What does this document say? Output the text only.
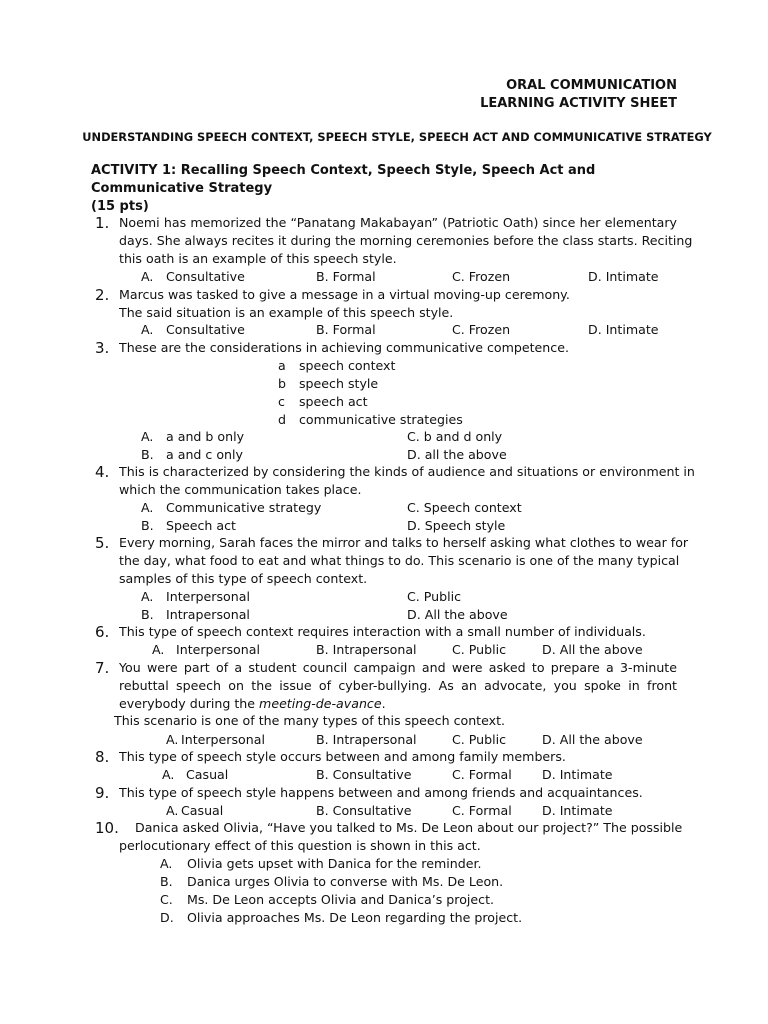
ORAL COMMUNICATION
LEARNING ACTIVITY SHEET
UNDERSTANDING SPEECH CONTEXT, SPEECH STYLE, SPEECH ACT AND COMMUNICATIVE STRATEGY
ACTIVITY 1: Recalling Speech Context, Speech Style, Speech Act and Communicative Strategy
(15 pts)
1. Noemi has memorized the “Panatang Makabayan” (Patriotic Oath) since her elementary
days. She always recites it during the morning ceremonies before the class starts. Reciting
this oath is an example of this speech style.
A. Consultative	B. Formal	C. Frozen	D. Intimate
2. Marcus was tasked to give a message in a virtual moving-up ceremony.
The said situation is an example of this speech style.
A. Consultative	B. Formal	C. Frozen	D. Intimate
3. These are the considerations in achieving communicative competence.
a speech context
b speech style
c speech act
d communicative strategies
A. a and b only	C. b and d only
B. a and c only	D. all the above
4. This is characterized by considering the kinds of audience and situations or environment in
which the communication takes place.
A. Communicative strategy	C. Speech context
B. Speech act	D. Speech style
5. Every morning, Sarah faces the mirror and talks to herself asking what clothes to wear for
the day, what food to eat and what things to do. This scenario is one of the many typical
samples of this type of speech context.
A. Interpersonal	C. Public
B. Intrapersonal	D. All the above
6. This type of speech context requires interaction with a small number of individuals.
A. Interpersonal	B. Intrapersonal	C. Public	D. All the above
7. You were part of a student council campaign and were asked to prepare a 3-minute
rebuttal speech on the issue of cyber-bullying. As an advocate, you spoke in front
everybody during the meeting-de-avance.
This scenario is one of the many types of this speech context.
A. Interpersonal	B. Intrapersonal	C. Public	D. All the above
8. This type of speech style occurs between and among family members.
A. Casual	B. Consultative	C. Formal D. Intimate
9. This type of speech style happens between and among friends and acquaintances.
A. Casual	B. Consultative	C. Formal D. Intimate
10. Danica asked Olivia, “Have you talked to Ms. De Leon about our project?” The possible
perlocutionary effect of this question is shown in this act.
A. Olivia gets upset with Danica for the reminder.
B. Danica urges Olivia to converse with Ms. De Leon.
C. Ms. De Leon accepts Olivia and Danica’s project.
D. Olivia approaches Ms. De Leon regarding the project.
